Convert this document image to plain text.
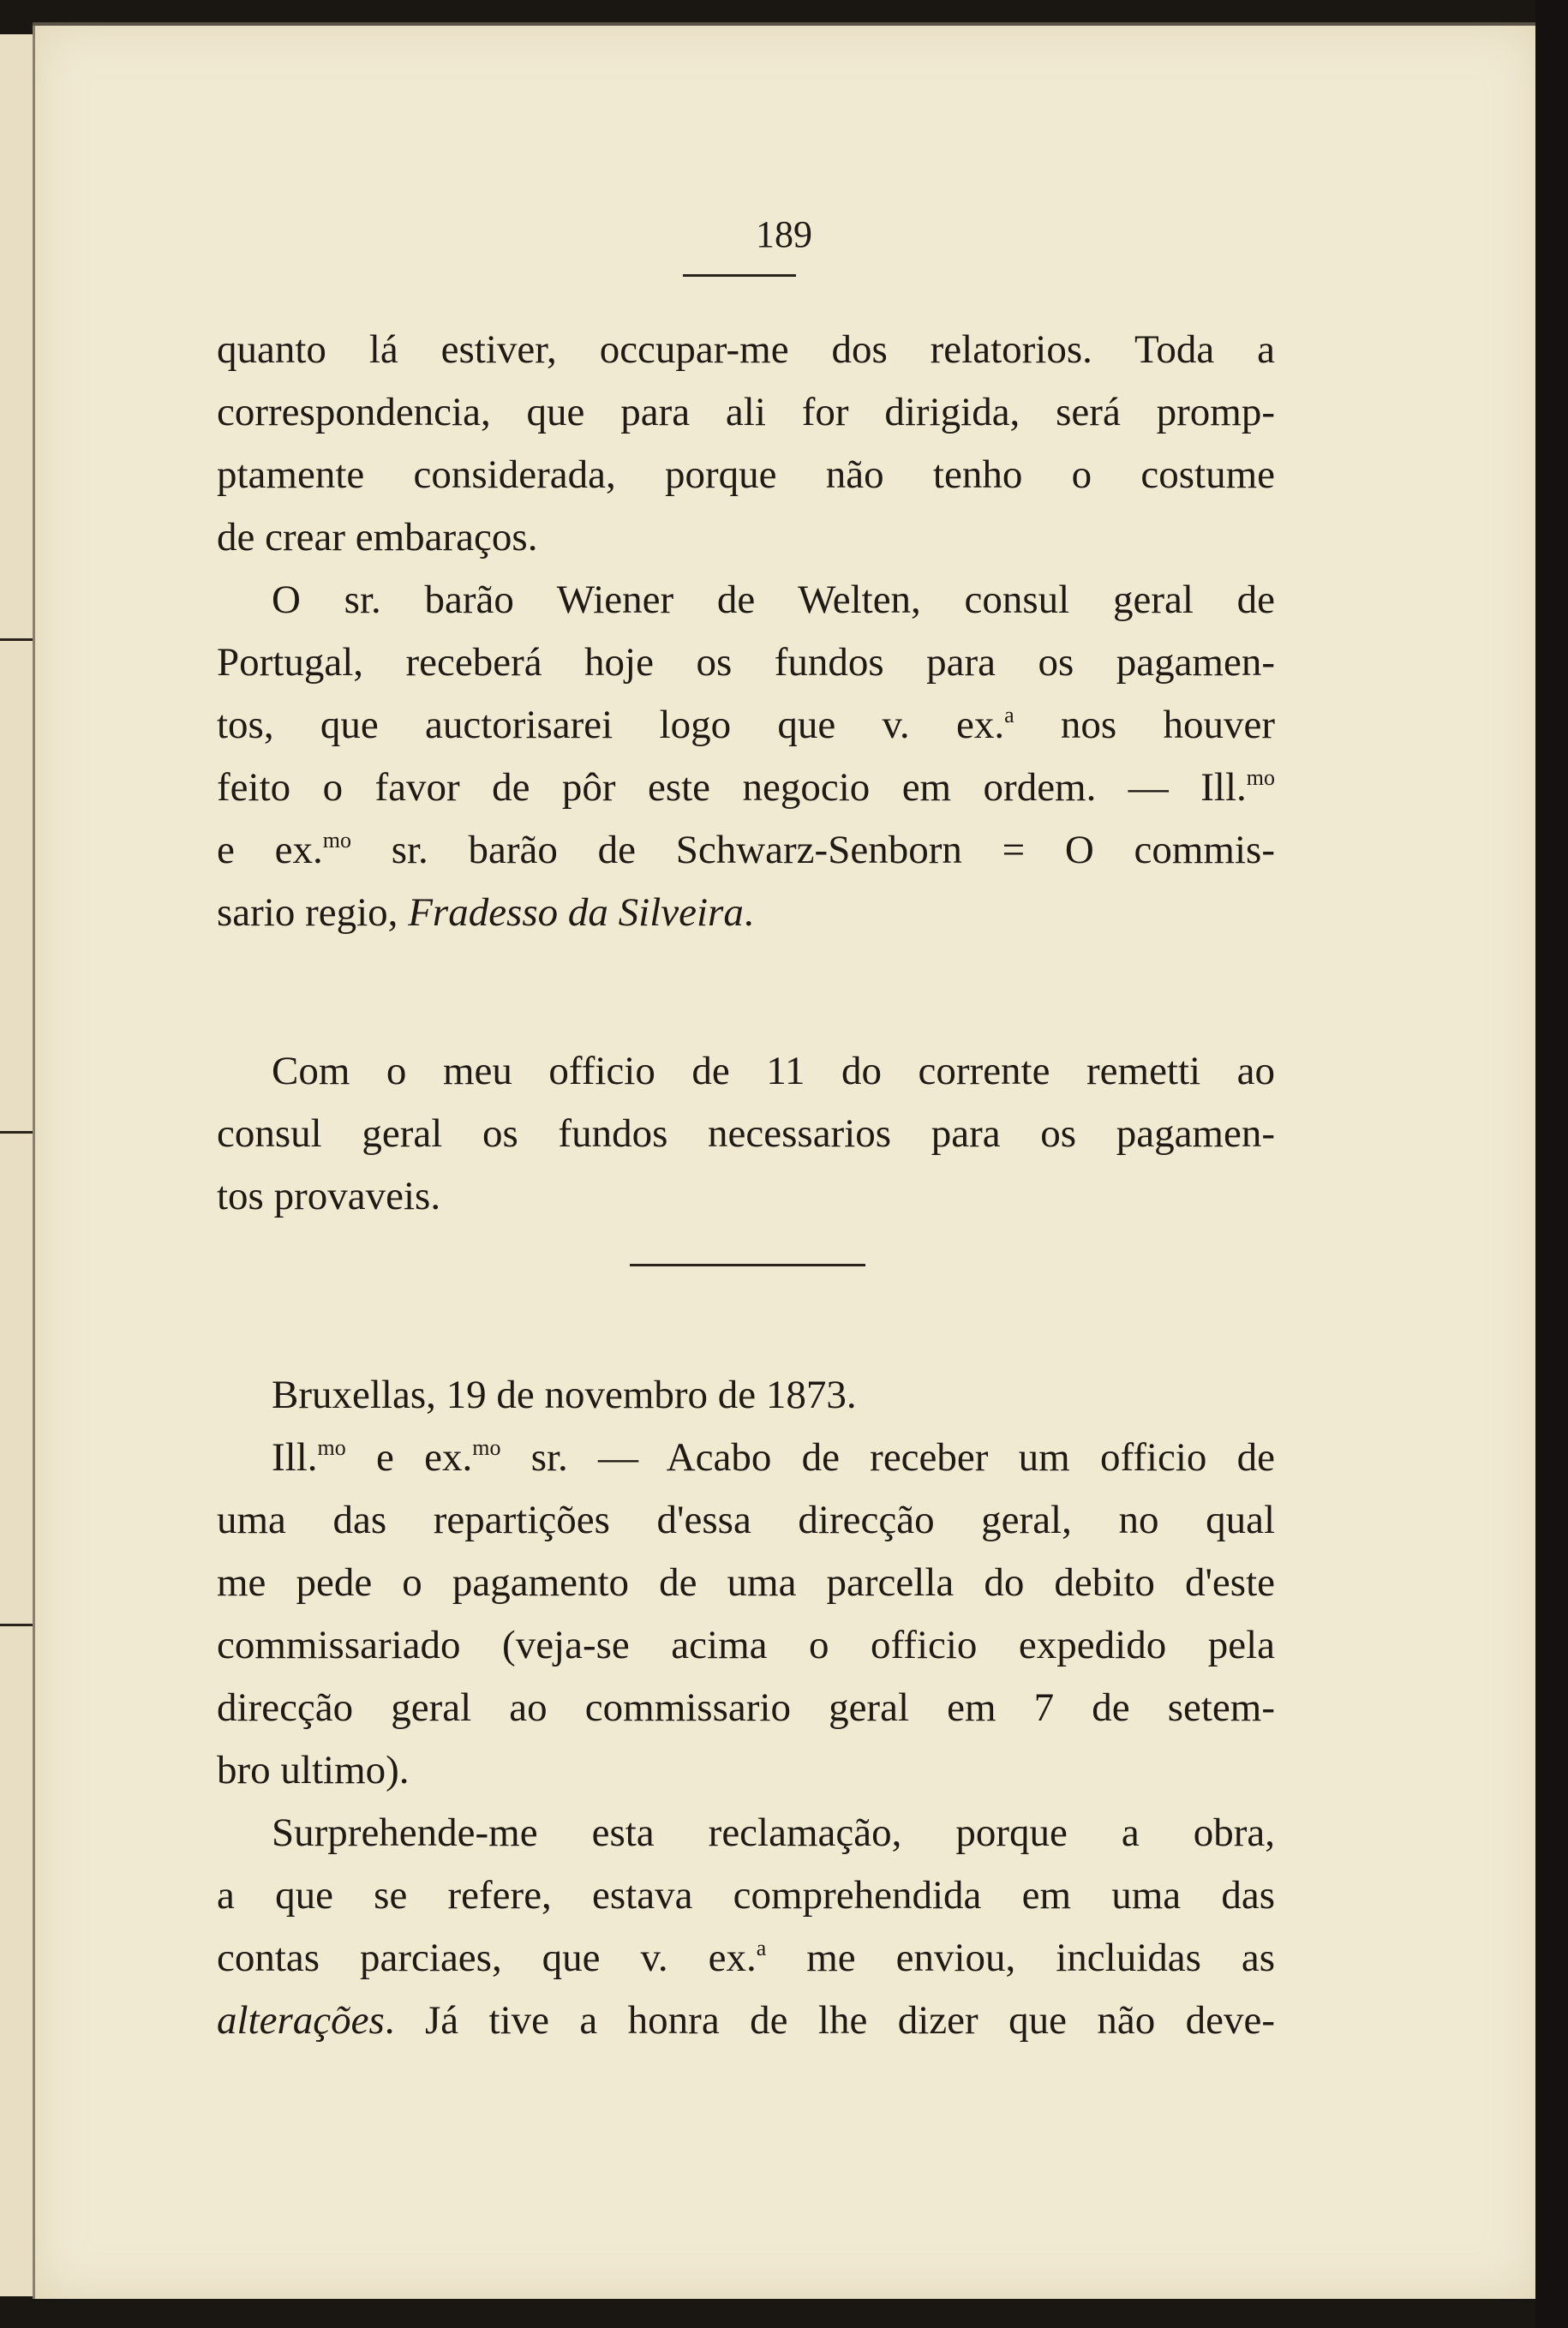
189
quanto lá estiver, occupar-me dos relatorios. Toda a
correspondencia, que para ali for dirigida, será promp-
ptamente considerada, porque não tenho o costume
de crear embaraços.
O sr. barão Wiener de Welten, consul geral de
Portugal, receberá hoje os fundos para os pagamen-
tos, que auctorisarei logo que v. ex.$^a$ nos houver
feito o favor de pôr este negocio em ordem. — Ill.$^{mo}$
e ex.$^{mo}$ sr. barão de Schwarz-Senborn = O commis-
sario regio, Fradesso da Silveira.
Com o meu officio de 11 do corrente remetti ao
consul geral os fundos necessarios para os pagamen-
tos provaveis.
Bruxellas, 19 de novembro de 1873.
Ill.$^{mo}$ e ex.$^{mo}$ sr. — Acabo de receber um officio de
uma das repartições d'essa direcção geral, no qual
me pede o pagamento de uma parcella do debito d'este
commissariado (veja-se acima o officio expedido pela
direcção geral ao commissario geral em 7 de setem-
bro ultimo).
Surprehende-me esta reclamação, porque a obra,
a que se refere, estava comprehendida em uma das
contas parciaes, que v. ex.$^a$ me enviou, incluidas as
alterações. Já tive a honra de lhe dizer que não deve-
